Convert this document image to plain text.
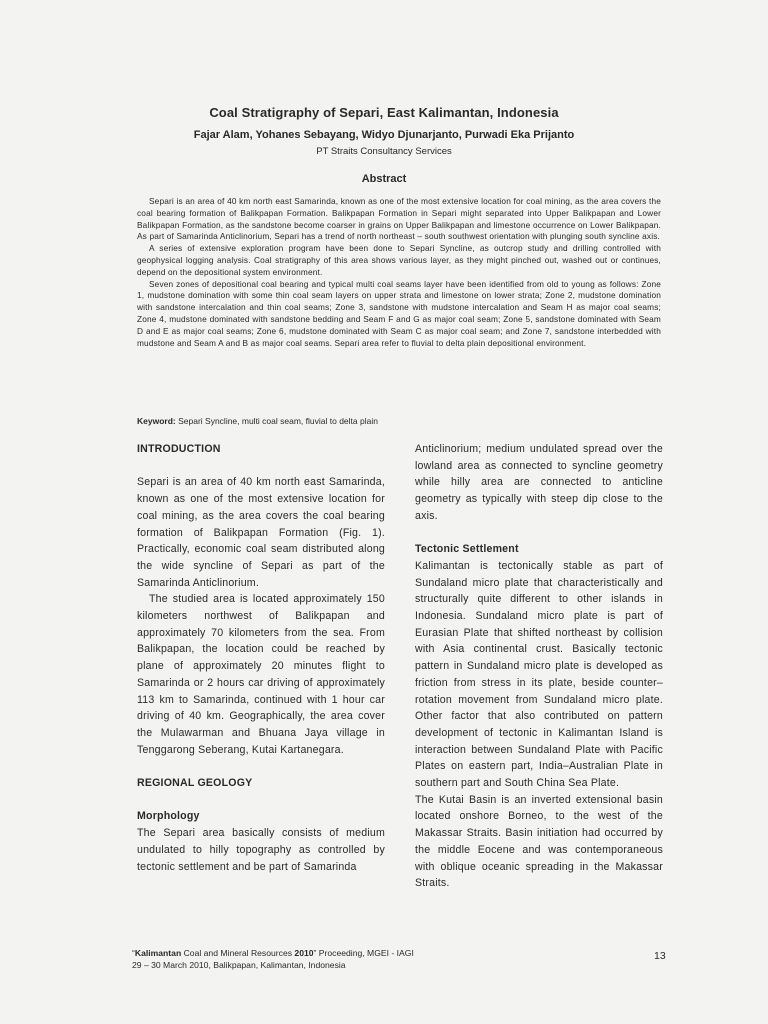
Coal Stratigraphy of Separi, East Kalimantan, Indonesia
Fajar Alam, Yohanes Sebayang, Widyo Djunarjanto, Purwadi Eka Prijanto
PT Straits Consultancy Services
Abstract

Separi is an area of 40 km north east Samarinda, known as one of the most extensive location for coal mining, as the area covers the coal bearing formation of Balikpapan Formation. Balikpapan Formation in Separi might separated into Upper Balikpapan and Lower Balikpapan Formation, as the sandstone become coarser in grains on Upper Balikpapan and limestone occurrence on Lower Balikpapan. As part of Samarinda Anticlinorium, Separi has a trend of north northeast – south southwest orientation with plunging south syncline axis.

A series of extensive exploration program have been done to Separi Syncline, as outcrop study and drilling controlled with geophysical logging analysis. Coal stratigraphy of this area shows various layer, as they might pinched out, washed out or continues, depend on the depositional system environment.

Seven zones of depositional coal bearing and typical multi coal seams layer have been identified from old to young as follows: Zone 1, mudstone domination with some thin coal seam layers on upper strata and limestone on lower strata; Zone 2, mudstone domination with sandstone intercalation and thin coal seams; Zone 3, sandstone with mudstone intercalation and Seam H as major coal seams; Zone 4, mudstone dominated with sandstone bedding and Seam F and G as major coal seam; Zone 5, sandstone dominated with Seam D and E as major coal seams; Zone 6, mudstone dominated with Seam C as major coal seam; and Zone 7, sandstone interbedded with mudstone and Seam A and B as major coal seams. Separi area refer to fluvial to delta plain depositional environment.

Keyword: Separi Syncline, multi coal seam, fluvial to delta plain

INTRODUCTION

Separi is an area of 40 km north east Samarinda, known as one of the most extensive location for coal mining, as the area covers the coal bearing formation of Balikpapan Formation (Fig. 1). Practically, economic coal seam distributed along the wide syncline of Separi as part of the Samarinda Anticlinorium.

The studied area is located approximately 150 kilometers northwest of Balikpapan and approximately 70 kilometers from the sea. From Balikpapan, the location could be reached by plane of approximately 20 minutes flight to Samarinda or 2 hours car driving of approximately 113 km to Samarinda, continued with 1 hour car driving of 40 km. Geographically, the area cover the Mulawarman and Bhuana Jaya village in Tenggarong Seberang, Kutai Kartanegara.

REGIONAL GEOLOGY

Morphology

The Separi area basically consists of medium undulated to hilly topography as controlled by tectonic settlement and be part of Samarinda

Anticlinorium; medium undulated spread over the lowland area as connected to syncline geometry while hilly area are connected to anticline geometry as typically with steep dip close to the axis.

Tectonic Settlement

Kalimantan is tectonically stable as part of Sundaland micro plate that characteristically and structurally quite different to other islands in Indonesia. Sundaland micro plate is part of Eurasian Plate that shifted northeast by collision with Asia continental crust. Basically tectonic pattern in Sundaland micro plate is developed as friction from stress in its plate, beside counter–rotation movement from Sundaland micro plate. Other factor that also contributed on pattern development of tectonic in Kalimantan Island is interaction between Sundaland Plate with Pacific Plates on eastern part, India–Australian Plate in southern part and South China Sea Plate.

The Kutai Basin is an inverted extensional basin located onshore Borneo, to the west of the Makassar Straits. Basin initiation had occurred by the middle Eocene and was contemporaneous with oblique oceanic spreading in the Makassar Straits.

“Kalimantan Coal and Mineral Resources 2010” Proceeding, MGEI - IAGI
29 – 30 March 2010, Balikpapan, Kalimantan, Indonesia
13
